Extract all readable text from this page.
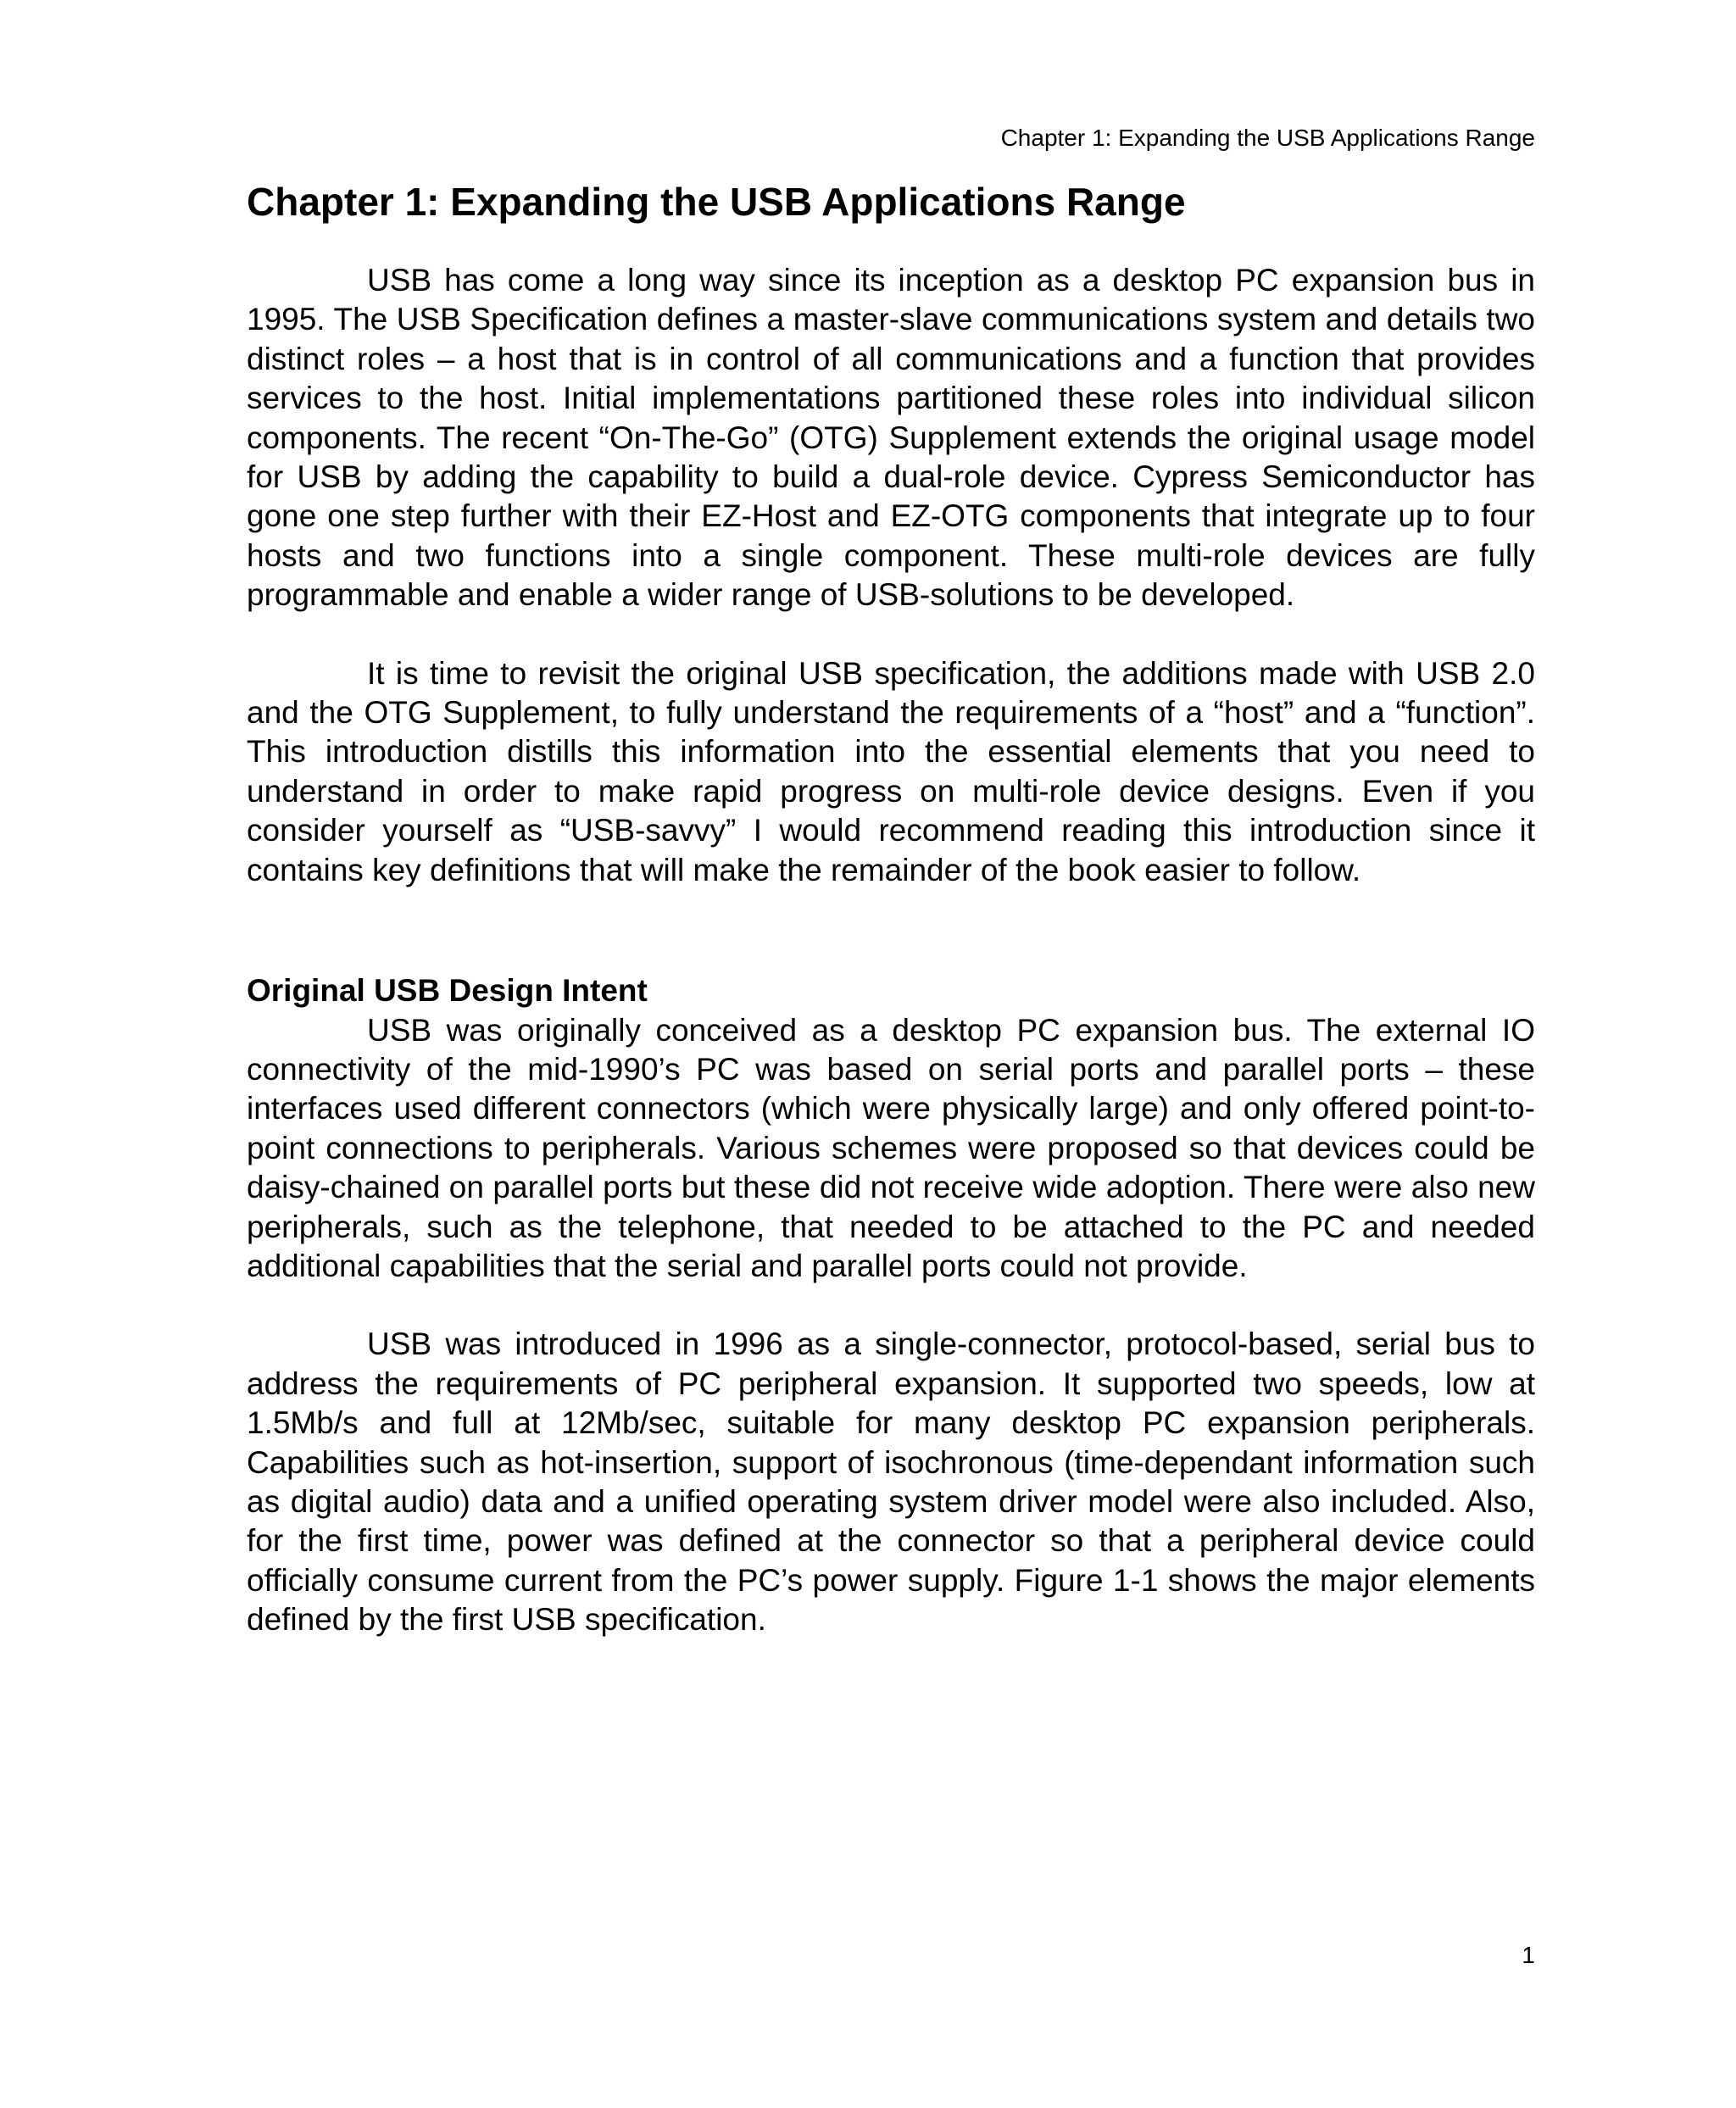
Chapter 1: Expanding the USB Applications Range
Chapter 1: Expanding the USB Applications Range

USB has come a long way since its inception as a desktop PC expansion bus in 1995. The USB Specification defines a master-slave communications system and details two distinct roles – a host that is in control of all communications and a function that provides services to the host. Initial implementations partitioned these roles into individual silicon components. The recent “On-The-Go” (OTG) Supplement extends the original usage model for USB by adding the capability to build a dual-role device. Cypress Semiconductor has gone one step further with their EZ-Host and EZ-OTG components that integrate up to four hosts and two functions into a single component. These multi-role devices are fully programmable and enable a wider range of USB-solutions to be developed.

It is time to revisit the original USB specification, the additions made with USB 2.0 and the OTG Supplement, to fully understand the requirements of a “host” and a “function”. This introduction distills this information into the essential elements that you need to understand in order to make rapid progress on multi-role device designs. Even if you consider yourself as “USB-savvy” I would recommend reading this introduction since it contains key definitions that will make the remainder of the book easier to follow.

Original USB Design Intent

USB was originally conceived as a desktop PC expansion bus. The external IO connectivity of the mid-1990’s PC was based on serial ports and parallel ports – these interfaces used different connectors (which were physically large) and only offered point-to-point connections to peripherals. Various schemes were proposed so that devices could be daisy-chained on parallel ports but these did not receive wide adoption. There were also new peripherals, such as the telephone, that needed to be attached to the PC and needed additional capabilities that the serial and parallel ports could not provide.

USB was introduced in 1996 as a single-connector, protocol-based, serial bus to address the requirements of PC peripheral expansion. It supported two speeds, low at 1.5Mb/s and full at 12Mb/sec, suitable for many desktop PC expansion peripherals. Capabilities such as hot-insertion, support of isochronous (time-dependant information such as digital audio) data and a unified operating system driver model were also included. Also, for the first time, power was defined at the connector so that a peripheral device could officially consume current from the PC’s power supply. Figure 1-1 shows the major elements defined by the first USB specification.

1
